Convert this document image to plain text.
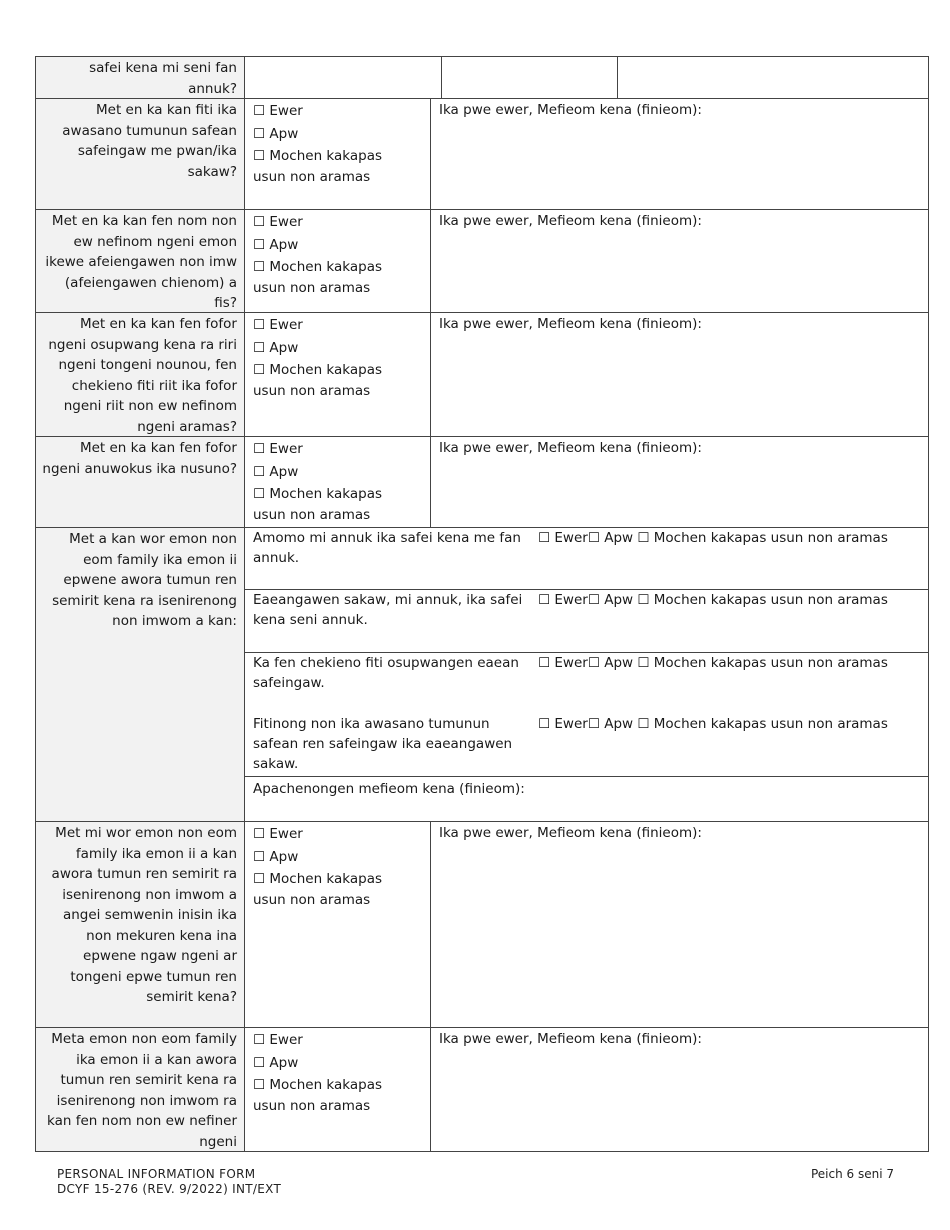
safei kena mi seni fan annuk?
Met en ka kan fiti ika awasano tumunun safean safeingaw me pwan/ika sakaw?
☐ Ewer
☐ Apw
☐ Mochen kakapas
usun non aramas
Ika pwe ewer, Mefieom kena (finieom):
Met en ka kan fen nom non ew nefinom ngeni emon ikewe afeiengawen non imw (afeiengawen chienom) a fis?
☐ Ewer
☐ Apw
☐ Mochen kakapas
usun non aramas
Ika pwe ewer, Mefieom kena (finieom):
Met en ka kan fen fofor ngeni osupwang kena ra riri ngeni tongeni nounou, fen chekieno fiti riit ika fofor ngeni riit non ew nefinom ngeni aramas?
☐ Ewer
☐ Apw
☐ Mochen kakapas
usun non aramas
Ika pwe ewer, Mefieom kena (finieom):
Met en ka kan fen fofor ngeni anuwokus ika nusuno?
☐ Ewer
☐ Apw
☐ Mochen kakapas
usun non aramas
Ika pwe ewer, Mefieom kena (finieom):
Met a kan wor emon non eom family ika emon ii epwene awora tumun ren semirit kena ra isenirenong non imwom a kan:
Amomo mi annuk ika safei kena me fan annuk.
☐ Ewer☐ Apw ☐ Mochen kakapas usun non aramas
Eaeangawen sakaw, mi annuk, ika safei kena seni annuk.
☐ Ewer☐ Apw ☐ Mochen kakapas usun non aramas
Ka fen chekieno fiti osupwangen eaean safeingaw.
☐ Ewer☐ Apw ☐ Mochen kakapas usun non aramas
Fitinong non ika awasano tumunun safean ren safeingaw ika eaeangawen sakaw.
☐ Ewer☐ Apw ☐ Mochen kakapas usun non aramas
Apachenongen mefieom kena (finieom):
Met mi wor emon non eom family ika emon ii a kan awora tumun ren semirit ra isenirenong non imwom a angei semwenin inisin ika non mekuren kena ina epwene ngaw ngeni ar tongeni epwe tumun ren semirit kena?
☐ Ewer
☐ Apw
☐ Mochen kakapas
usun non aramas
Ika pwe ewer, Mefieom kena (finieom):
Meta emon non eom family ika emon ii a kan awora tumun ren semirit kena ra isenirenong non imwom ra kan fen nom non ew nefiner ngeni
☐ Ewer
☐ Apw
☐ Mochen kakapas
usun non aramas
Ika pwe ewer, Mefieom kena (finieom):
PERSONAL INFORMATION FORM
DCYF 15-276 (REV. 9/2022) INT/EXT
Peich 6 seni 7
